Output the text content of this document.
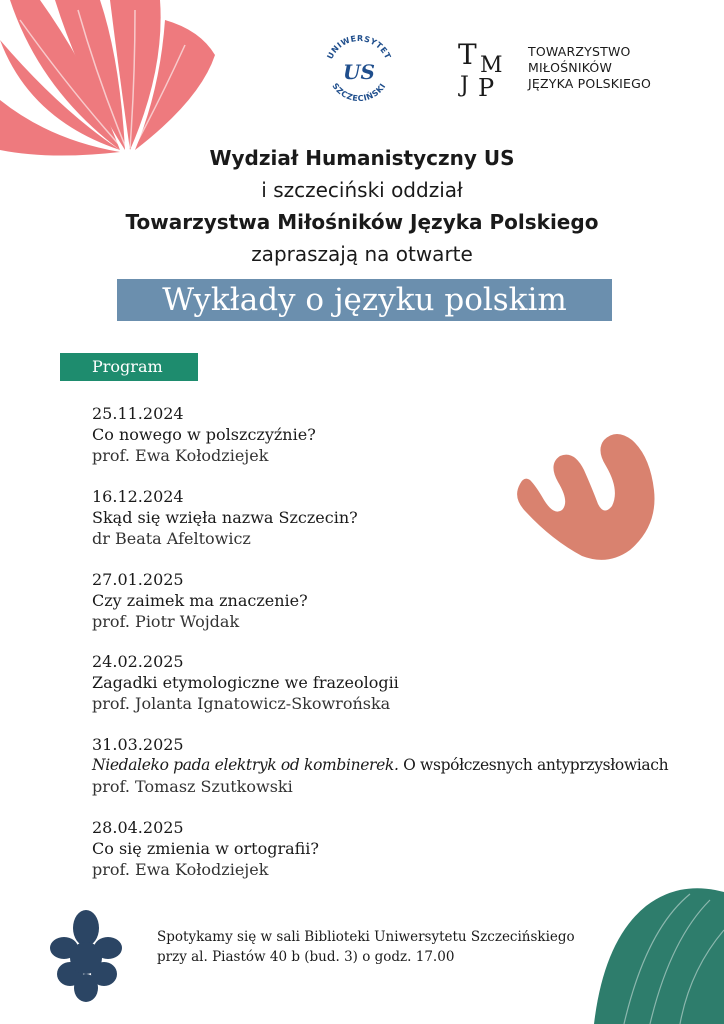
UNIWERSYTET
SZCZECIŃSKI
US
T M
J P
TOWARZYSTWO
MIŁOŚNIKÓW
JĘZYKA POLSKIEGO
Wydział Humanistyczny US
i szczeciński oddział
Towarzystwa Miłośników Języka Polskiego
zapraszają na otwarte
Wykłady o języku polskim
Program
25.11.2024
Co nowego w polszczyźnie?
prof. Ewa Kołodziejek
16.12.2024
Skąd się wzięła nazwa Szczecin?
dr Beata Afeltowicz
27.01.2025
Czy zaimek ma znaczenie?
prof. Piotr Wojdak
24.02.2025
Zagadki etymologiczne we frazeologii
prof. Jolanta Ignatowicz-Skowrońska
31.03.2025
Niedaleko pada elektryk od kombinerek. O współczesnych antyprzysłowiach
prof. Tomasz Szutkowski
28.04.2025
Co się zmienia w ortografii?
prof. Ewa Kołodziejek
Spotykamy się w sali Biblioteki Uniwersytetu Szczecińskiego
przy al. Piastów 40 b (bud. 3) o godz. 17.00
